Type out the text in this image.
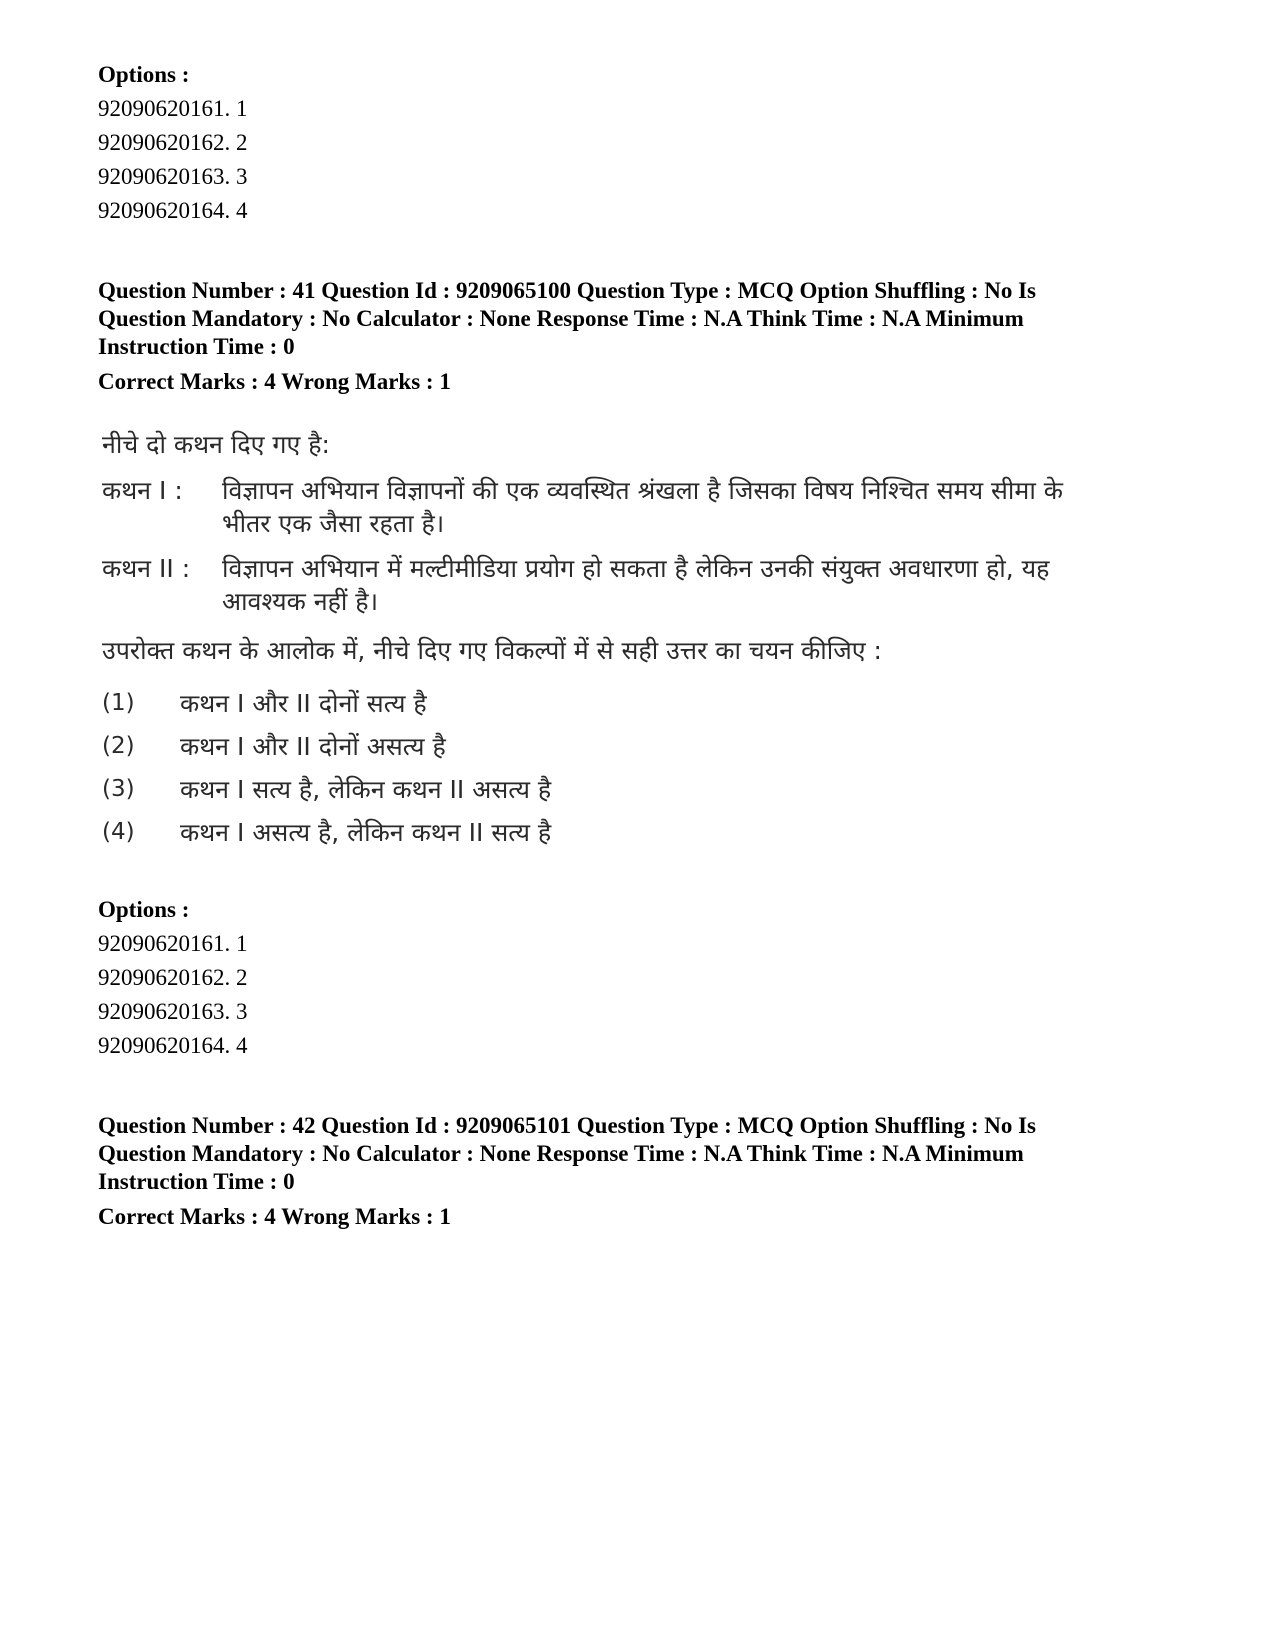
Options :
92090620161. 1
92090620162. 2
92090620163. 3
92090620164. 4
Question Number : 41 Question Id : 9209065100 Question Type : MCQ Option Shuffling : No Is Question Mandatory : No Calculator : None Response Time : N.A Think Time : N.A Minimum Instruction Time : 0
Correct Marks : 4 Wrong Marks : 1
नीचे दो कथन दिए गए है:
कथन I :	विज्ञापन अभियान विज्ञापनों की एक व्यवस्थित श्रंखला है जिसका विषय निश्चित समय सीमा के भीतर एक जैसा रहता है।
कथन II :	विज्ञापन अभियान में मल्टीमीडिया प्रयोग हो सकता है लेकिन उनकी संयुक्त अवधारणा हो, यह आवश्यक नहीं है।
उपरोक्त कथन के आलोक में, नीचे दिए गए विकल्पों में से सही उत्तर का चयन कीजिए :
(1)	कथन I और II दोनों सत्य है
(2)	कथन I और II दोनों असत्य है
(3)	कथन I सत्य है, लेकिन कथन II असत्य है
(4)	कथन I असत्य है, लेकिन कथन II सत्य है
Options :
92090620161. 1
92090620162. 2
92090620163. 3
92090620164. 4
Question Number : 42 Question Id : 9209065101 Question Type : MCQ Option Shuffling : No Is Question Mandatory : No Calculator : None Response Time : N.A Think Time : N.A Minimum Instruction Time : 0
Correct Marks : 4 Wrong Marks : 1
